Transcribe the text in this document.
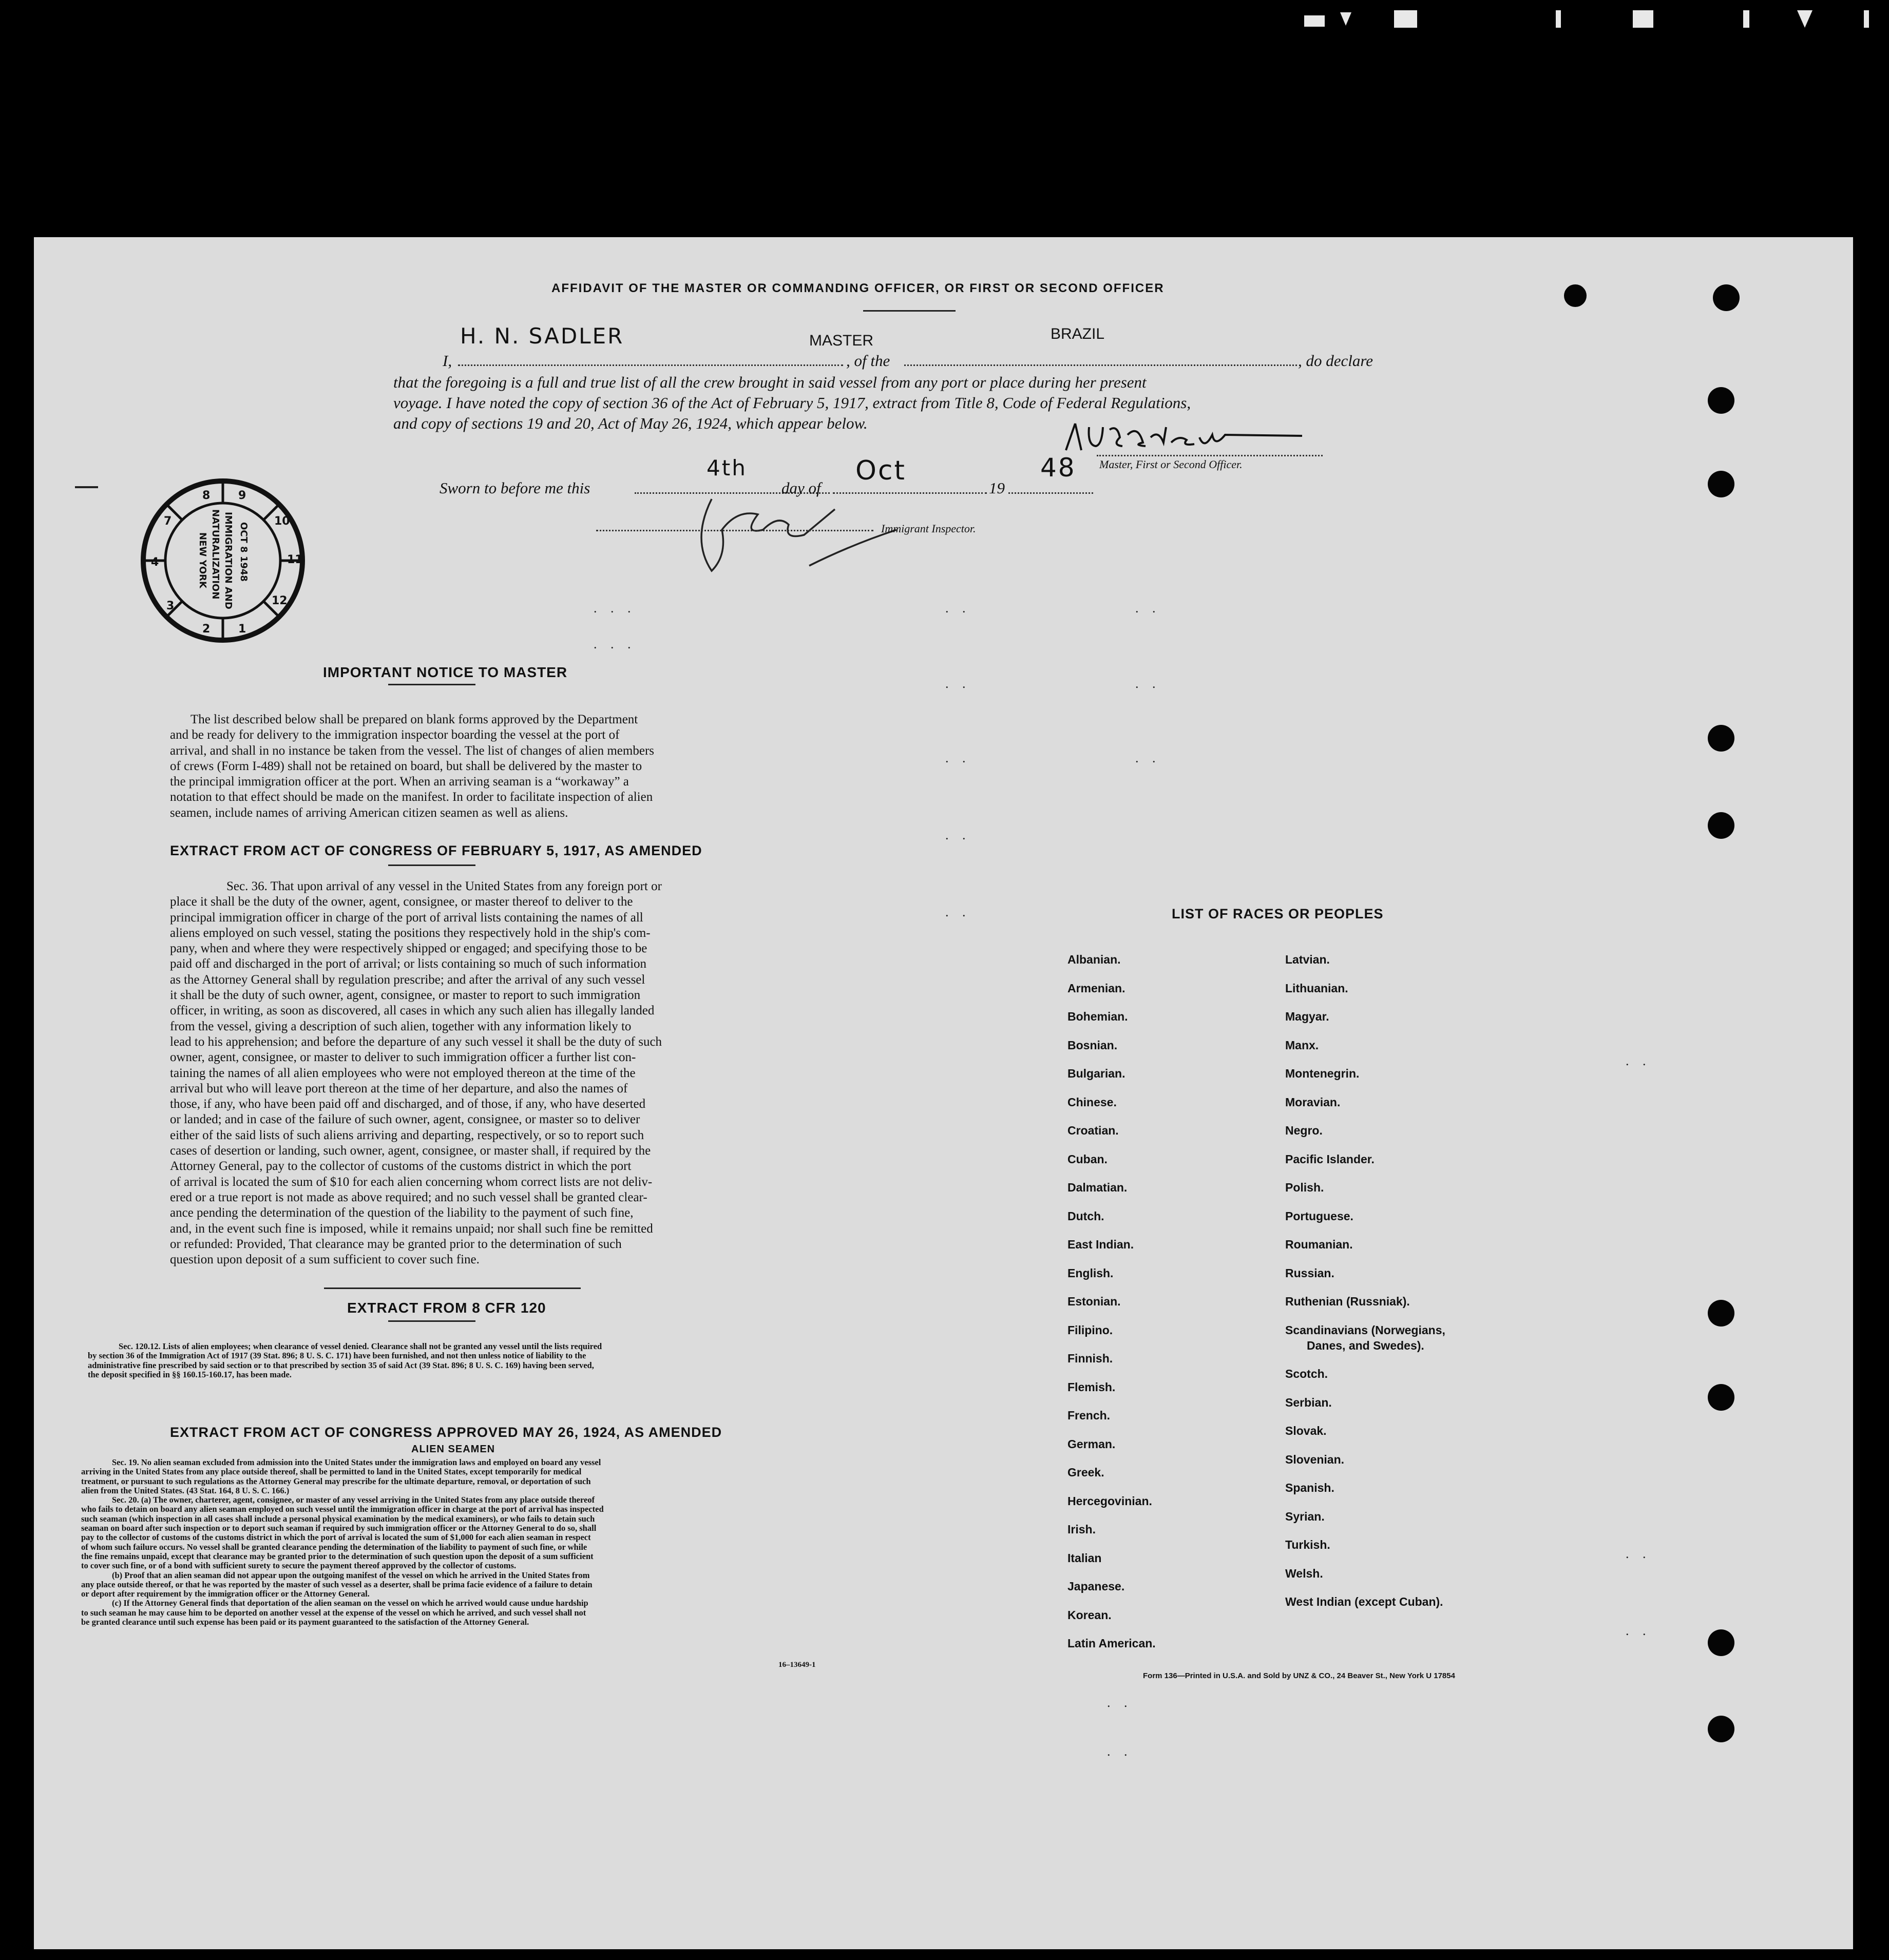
AFFIDAVIT OF THE MASTER OR COMMANDING OFFICER, OR FIRST OR SECOND OFFICER
I,
H. N. SADLER	MASTER
, of the
BRAZIL
, do declare
that the foregoing is a full and true list of all the crew brought in said vessel from any port or place during her present
voyage. I have noted the copy of section 36 of the Act of February 5, 1917, extract from Title 8, Code of Federal Regulations,
and copy of sections 19 and 20, Act of May 26, 1924, which appear below.
Master, First or Second Officer.
Sworn to before me this
4th
day of
Oct
19
48
Immigrant Inspector.
8 9
10
11
12
1
2
3
4
7
OCT 8 1948
IMMIGRATION AND
NATURALIZATION
NEW YORK
IMPORTANT NOTICE TO MASTER
The list described below shall be prepared on blank forms approved by the Department
and be ready for delivery to the immigration inspector boarding the vessel at the port of
arrival, and shall in no instance be taken from the vessel. The list of changes of alien members
of crews (Form I-489) shall not be retained on board, but shall be delivered by the master to
the principal immigration officer at the port. When an arriving seaman is a “workaway” a
notation to that effect should be made on the manifest. In order to facilitate inspection of alien
seamen, include names of arriving American citizen seamen as well as aliens.
EXTRACT FROM ACT OF CONGRESS OF FEBRUARY 5, 1917, AS AMENDED
Sec. 36. That upon arrival of any vessel in the United States from any foreign port or
place it shall be the duty of the owner, agent, consignee, or master thereof to deliver to the
principal immigration officer in charge of the port of arrival lists containing the names of all
aliens employed on such vessel, stating the positions they respectively hold in the ship's com-
pany, when and where they were respectively shipped or engaged; and specifying those to be
paid off and discharged in the port of arrival; or lists containing so much of such information
as the Attorney General shall by regulation prescribe; and after the arrival of any such vessel
it shall be the duty of such owner, agent, consignee, or master to report to such immigration
officer, in writing, as soon as discovered, all cases in which any such alien has illegally landed
from the vessel, giving a description of such alien, together with any information likely to
lead to his apprehension; and before the departure of any such vessel it shall be the duty of such
owner, agent, consignee, or master to deliver to such immigration officer a further list con-
taining the names of all alien employees who were not employed thereon at the time of the
arrival but who will leave port thereon at the time of her departure, and also the names of
those, if any, who have been paid off and discharged, and of those, if any, who have deserted
or landed; and in case of the failure of such owner, agent, consignee, or master so to deliver
either of the said lists of such aliens arriving and departing, respectively, or so to report such
cases of desertion or landing, such owner, agent, consignee, or master shall, if required by the
Attorney General, pay to the collector of customs of the customs district in which the port
of arrival is located the sum of $10 for each alien concerning whom correct lists are not deliv-
ered or a true report is not made as above required; and no such vessel shall be granted clear-
ance pending the determination of the question of the liability to the payment of such fine,
and, in the event such fine is imposed, while it remains unpaid; nor shall such fine be remitted
or refunded: Provided, That clearance may be granted prior to the determination of such
question upon deposit of a sum sufficient to cover such fine.
EXTRACT FROM 8 CFR 120
Sec. 120.12. Lists of alien employees; when clearance of vessel denied. Clearance shall not be granted any vessel until the lists required
by section 36 of the Immigration Act of 1917 (39 Stat. 896; 8 U. S. C. 171) have been furnished, and not then unless notice of liability to the
administrative fine prescribed by said section or to that prescribed by section 35 of said Act (39 Stat. 896; 8 U. S. C. 169) having been served,
the deposit specified in §§ 160.15-160.17, has been made.
EXTRACT FROM ACT OF CONGRESS APPROVED MAY 26, 1924, AS AMENDED
ALIEN SEAMEN
Sec. 19. No alien seaman excluded from admission into the United States under the immigration laws and employed on board any vessel
arriving in the United States from any place outside thereof, shall be permitted to land in the United States, except temporarily for medical
treatment, or pursuant to such regulations as the Attorney General may prescribe for the ultimate departure, removal, or deportation of such
alien from the United States. (43 Stat. 164, 8 U. S. C. 166.)
Sec. 20. (a) The owner, charterer, agent, consignee, or master of any vessel arriving in the United States from any place outside thereof
who fails to detain on board any alien seaman employed on such vessel until the immigration officer in charge at the port of arrival has inspected
such seaman (which inspection in all cases shall include a personal physical examination by the medical examiners), or who fails to detain such
seaman on board after such inspection or to deport such seaman if required by such immigration officer or the Attorney General to do so, shall
pay to the collector of customs of the customs district in which the port of arrival is located the sum of $1,000 for each alien seaman in respect
of whom such failure occurs. No vessel shall be granted clearance pending the determination of the liability to payment of such fine, or while
the fine remains unpaid, except that clearance may be granted prior to the determination of such question upon the deposit of a sum sufficient
to cover such fine, or of a bond with sufficient surety to secure the payment thereof approved by the collector of customs.
(b) Proof that an alien seaman did not appear upon the outgoing manifest of the vessel on which he arrived in the United States from
any place outside thereof, or that he was reported by the master of such vessel as a deserter, shall be prima facie evidence of a failure to detain
or deport after requirement by the immigration officer or the Attorney General.
(c) If the Attorney General finds that deportation of the alien seaman on the vessel on which he arrived would cause undue hardship
to such seaman he may cause him to be deported on another vessel at the expense of the vessel on which he arrived, and such vessel shall not
be granted clearance until such expense has been paid or its payment guaranteed to the satisfaction of the Attorney General.
16–13649-1
LIST OF RACES OR PEOPLES
Albanian.
Armenian.
Bohemian.
Bosnian.
Bulgarian.
Chinese.
Croatian.
Cuban.
Dalmatian.
Dutch.
East Indian.
English.
Estonian.
Filipino.
Finnish.
Flemish.
French.
German.
Greek.
Hercegovinian.
Irish.
Italian
Japanese.
Korean.
Latin American.
Latvian.
Lithuanian.
Magyar.
Manx.
Montenegrin.
Moravian.
Negro.
Pacific Islander.
Polish.
Portuguese.
Roumanian.
Russian.
Ruthenian (Russniak).
Scandinavians (Norwegians,
Danes, and Swedes).
Scotch.
Serbian.
Slovak.
Slovenian.
Spanish.
Syrian.
Turkish.
Welsh.
West Indian (except Cuban).
Form 136—Printed in U.S.A. and Sold by UNZ & CO., 24 Beaver St., New York U 17854
. . .
. . .
. .	. .
. .	. .
. .	. .
. .
. .
. .
. .
. .
. .
. .
